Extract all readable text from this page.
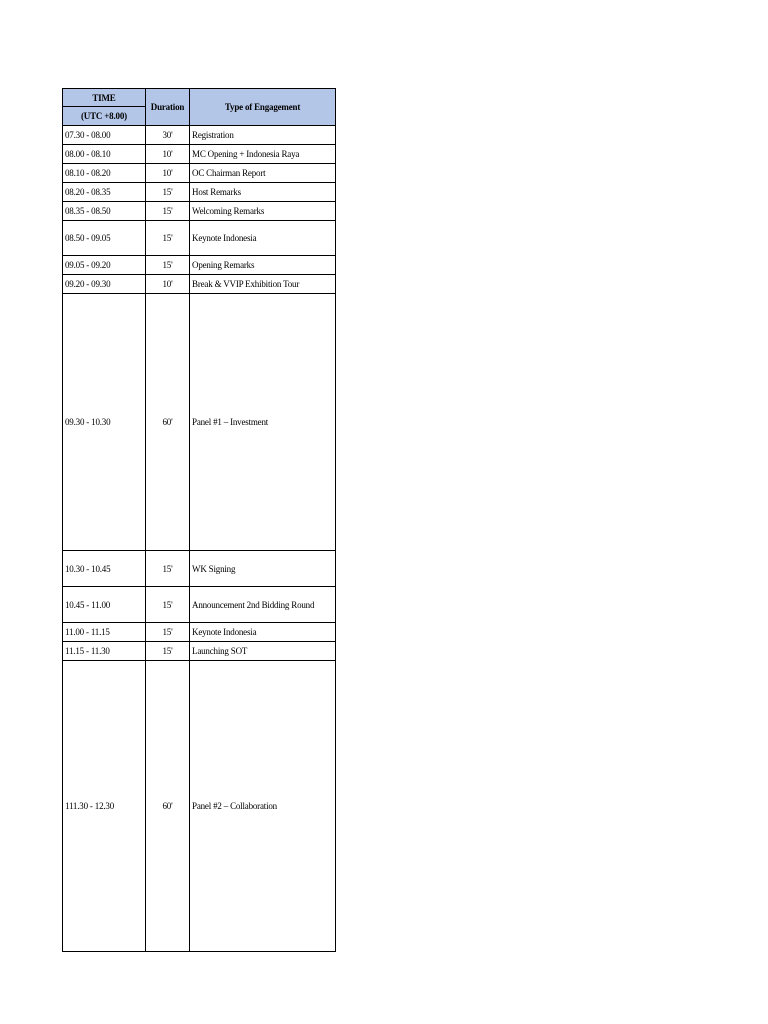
TIME	Duration	Type of Engagement
(UTC +8.00)		
07.30 - 08.00	30'	Registration
08.00 - 08.10	10'	MC Opening + Indonesia Raya
08.10 - 08.20	10'	OC Chairman Report
08.20 - 08.35	15'	Host Remarks
08.35 - 08.50	15'	Welcoming Remarks
08.50 - 09.05	15'	Keynote Indonesia
09.05 - 09.20	15'	Opening Remarks
09.20 - 09.30	10'	Break & VVIP Exhibition Tour
09.30 - 10.30	60'	Panel #1 – Investment
10.30 - 10.45	15'	WK Signing
10.45 - 11.00	15'	Announcement 2nd Bidding Round
11.00 - 11.15	15'	Keynote Indonesia
11.15 - 11.30	15'	Launching SOT
111.30 - 12.30	60'	Panel #2 – Collaboration
